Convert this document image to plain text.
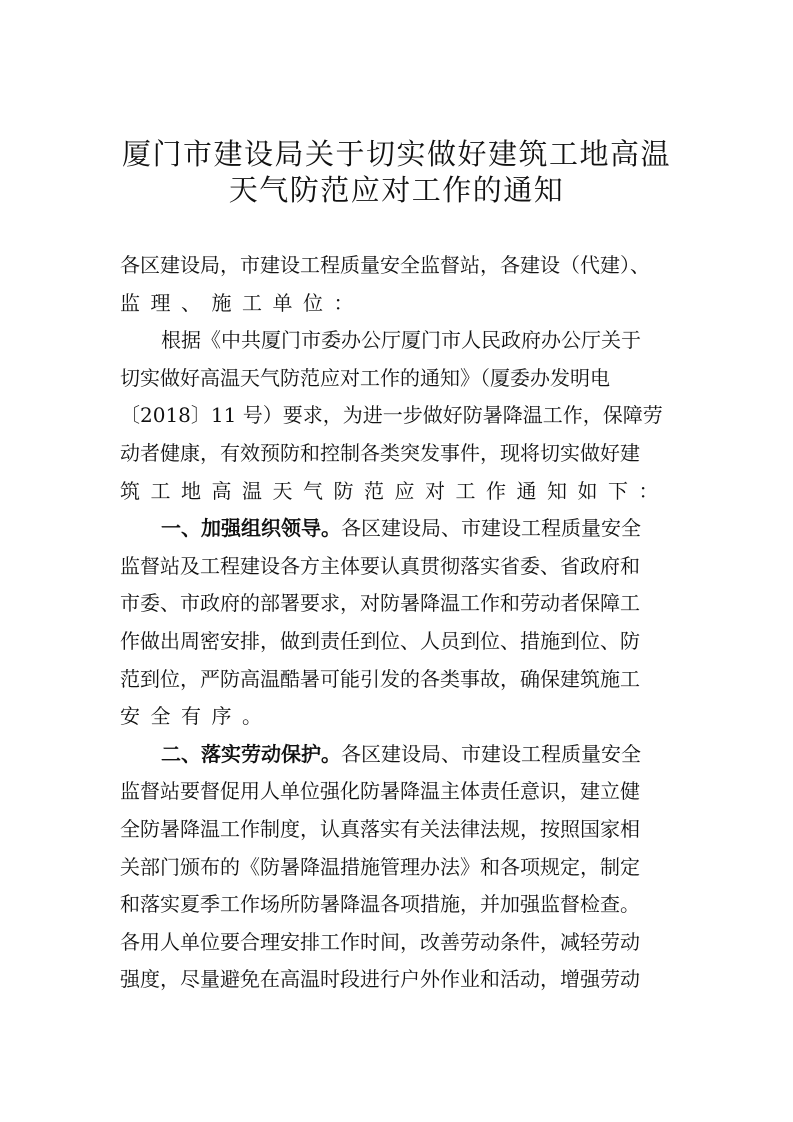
厦门市建设局关于切实做好建筑工地高温
天气防范应对工作的通知
各区建设局，市建设工程质量安全监督站，各建设（代建）、
监理、施工单位：
根据《中共厦门市委办公厅厦门市人民政府办公厅关于
切实做好高温天气防范应对工作的通知》（厦委办发明电
〔2018〕11 号）要求，为进一步做好防暑降温工作，保障劳
动者健康，有效预防和控制各类突发事件，现将切实做好建
筑工地高温天气防范应对工作通知如下：
一、加强组织领导。各区建设局、市建设工程质量安全
监督站及工程建设各方主体要认真贯彻落实省委、省政府和
市委、市政府的部署要求，对防暑降温工作和劳动者保障工
作做出周密安排，做到责任到位、人员到位、措施到位、防
范到位，严防高温酷暑可能引发的各类事故，确保建筑施工
安全有序。
二、落实劳动保护。各区建设局、市建设工程质量安全
监督站要督促用人单位强化防暑降温主体责任意识，建立健
全防暑降温工作制度，认真落实有关法律法规，按照国家相
关部门颁布的《防暑降温措施管理办法》和各项规定，制定
和落实夏季工作场所防暑降温各项措施，并加强监督检查。
各用人单位要合理安排工作时间，改善劳动条件，减轻劳动
强度，尽量避免在高温时段进行户外作业和活动，增强劳动
